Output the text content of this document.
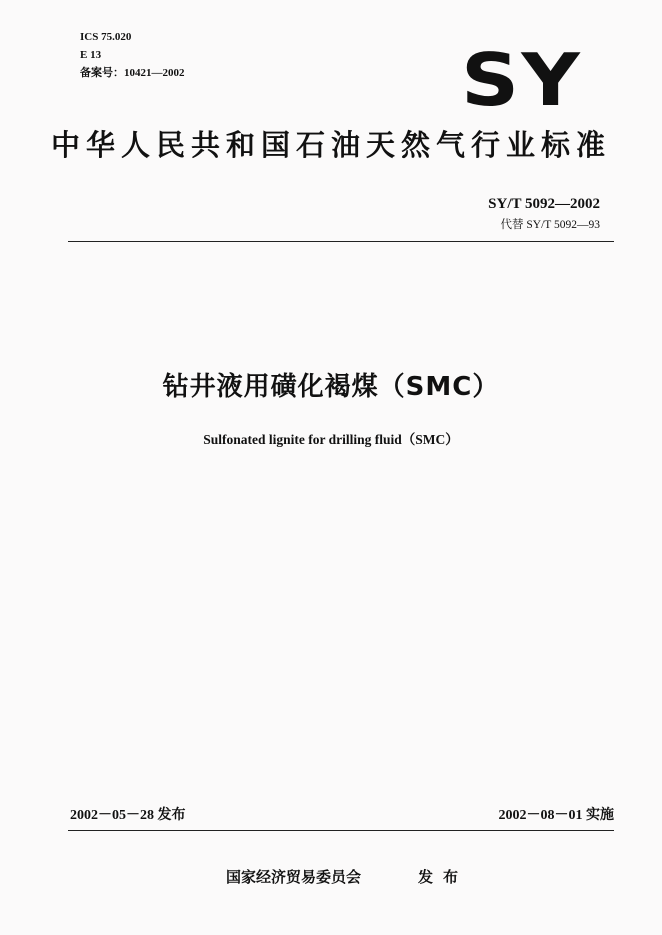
ICS 75.020
E 13
备案号：10421—2002	SY
中华人民共和国石油天然气行业标准
SY/T 5092—2002
代替 SY/T 5092—93
钻井液用磺化褐煤（SMC）
Sulfonated lignite for drilling fluid（SMC）
2002－05－28 发布	2002－08－01 实施
国家经济贸易委员会	发布
